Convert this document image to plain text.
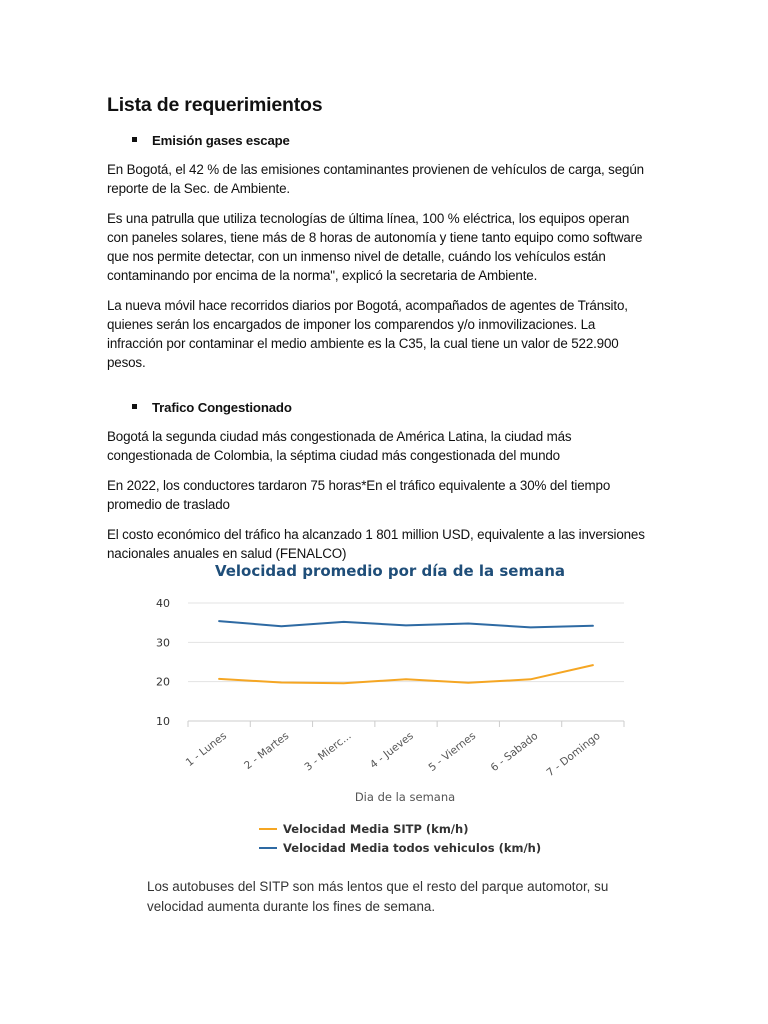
Lista de requerimientos
Emisión gases escape

En Bogotá, el 42 % de las emisiones contaminantes provienen de vehículos de carga, según reporte de la Sec. de Ambiente.

Es una patrulla que utiliza tecnologías de última línea, 100 % eléctrica, los equipos operan con paneles solares, tiene más de 8 horas de autonomía y tiene tanto equipo como software que nos permite detectar, con un inmenso nivel de detalle, cuándo los vehículos están contaminando por encima de la norma", explicó la secretaria de Ambiente.

La nueva móvil hace recorridos diarios por Bogotá, acompañados de agentes de Tránsito, quienes serán los encargados de imponer los comparendos y/o inmovilizaciones. La infracción por contaminar el medio ambiente es la C35, la cual tiene un valor de 522.900 pesos.

Trafico Congestionado

Bogotá la segunda ciudad más congestionada de América Latina, la ciudad más congestionada de Colombia, la séptima ciudad más congestionada del mundo

En 2022, los conductores tardaron 75 horas*En el tráfico equivalente a 30% del tiempo promedio de traslado

El costo económico del tráfico ha alcanzado 1 801 million USD, equivalente a las inversiones nacionales anuales en salud (FENALCO)

Velocidad promedio por día de la semana
10
20
30
40
1 - Lunes 2 - Martes 3 - Mierc... 4 - Jueves 5 - Viernes 6 - Sabado 7 - Domingo
Dia de la semana
Velocidad Media SITP (km/h)
Velocidad Media todos vehiculos (km/h)
Los autobuses del SITP son más lentos que el resto del parque automotor, su velocidad aumenta durante los fines de semana.
